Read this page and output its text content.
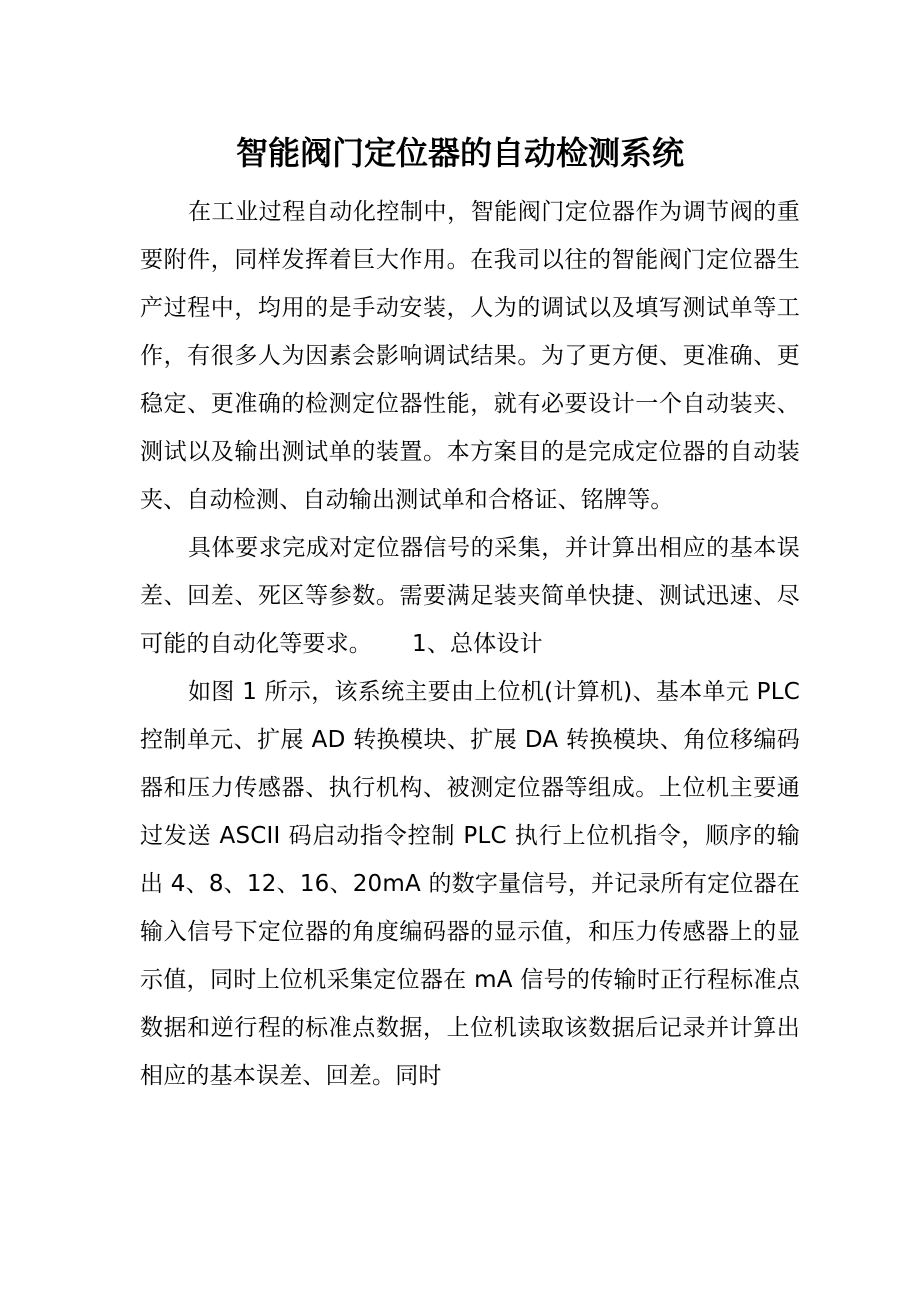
智能阀门定位器的自动检测系统

在工业过程自动化控制中，智能阀门定位器作为调节阀的重要附件，同样发挥着巨大作用。在我司以往的智能阀门定位器生产过程中，均用的是手动安装，人为的调试以及填写测试单等工作，有很多人为因素会影响调试结果。为了更方便、更准确、更稳定、更准确的检测定位器性能，就有必要设计一个自动装夹、测试以及输出测试单的装置。本方案目的是完成定位器的自动装夹、自动检测、自动输出测试单和合格证、铭牌等。

具体要求完成对定位器信号的采集，并计算出相应的基本误差、回差、死区等参数。需要满足装夹简单快捷、测试迅速、尽可能的自动化等要求。 1、总体设计

如图 1 所示，该系统主要由上位机(计算机)、基本单元 PLC 控制单元、扩展 AD 转换模块、扩展 DA 转换模块、角位移编码器和压力传感器、执行机构、被测定位器等组成。上位机主要通过发送 ASCII 码启动指令控制 PLC 执行上位机指令，顺序的输出 4、8、12、16、20mA 的数字量信号，并记录所有定位器在输入信号下定位器的角度编码器的显示值，和压力传感器上的显示值，同时上位机采集定位器在 mA 信号的传输时正行程标准点数据和逆行程的标准点数据，上位机读取该数据后记录并计算出相应的基本误差、回差。同时
